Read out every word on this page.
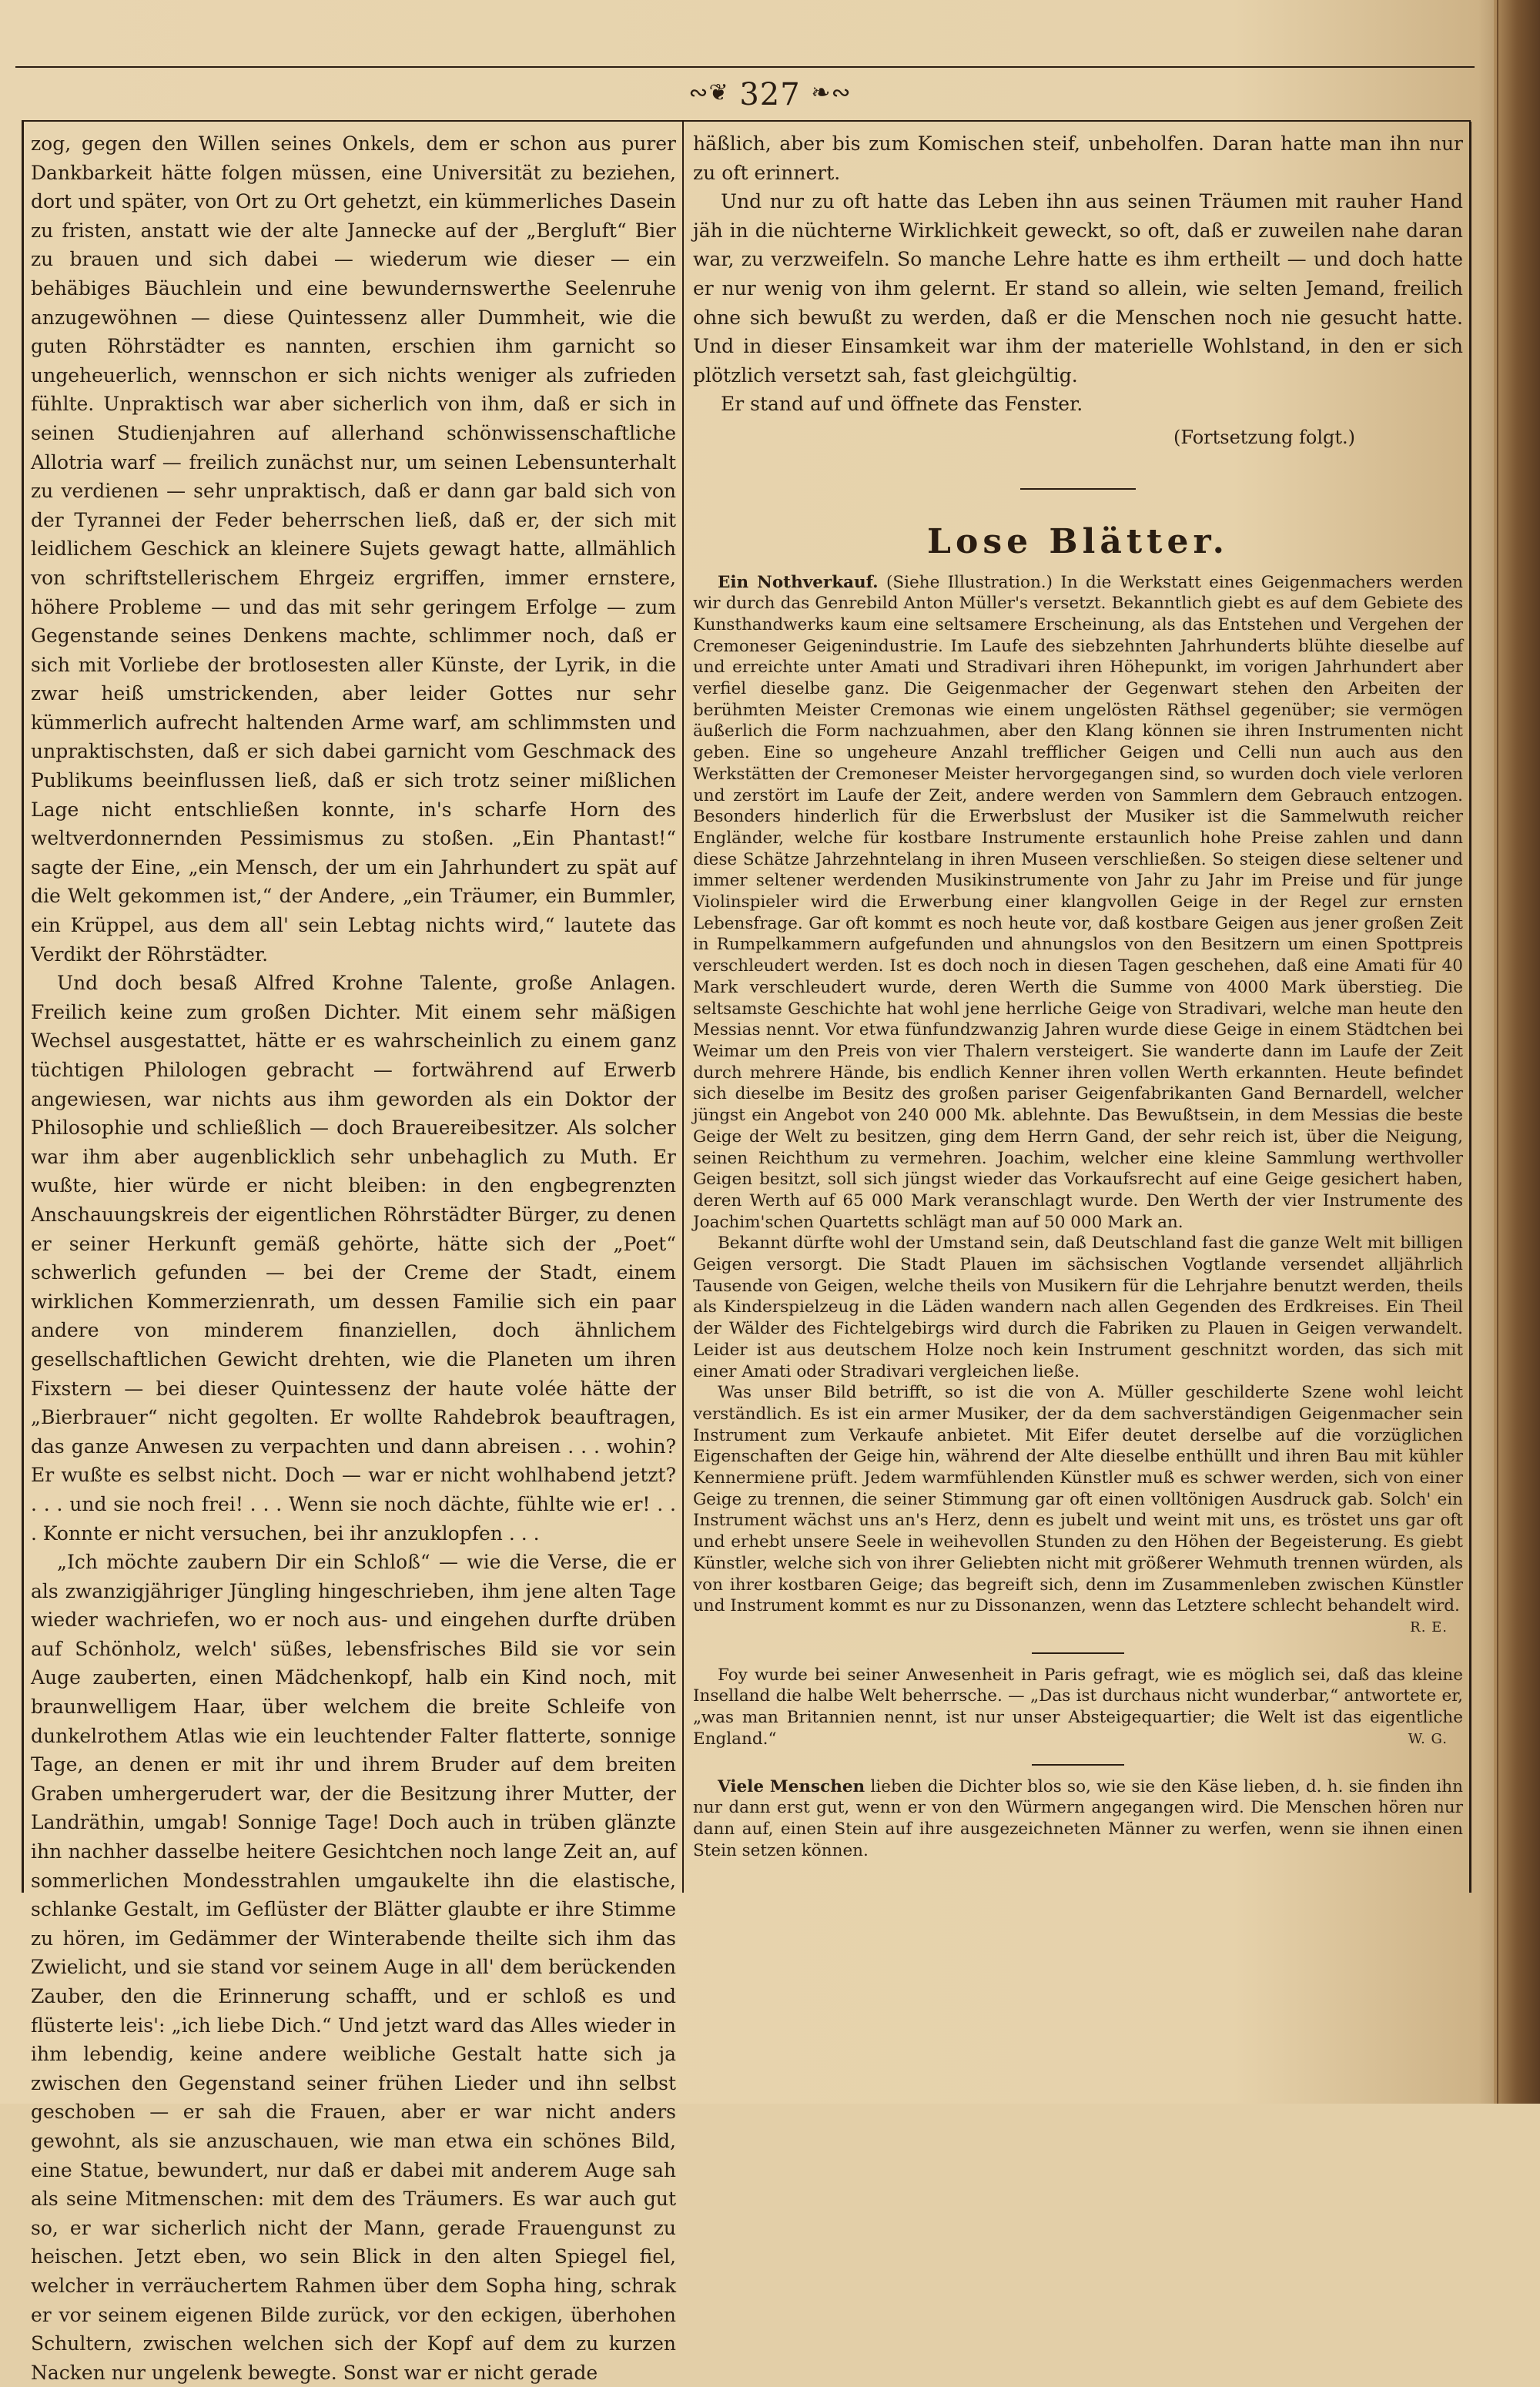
∾❦ 327 ❧∾

zog, gegen den Willen seines Onkels, dem er schon aus purer Dankbarkeit hätte folgen müssen, eine Universität zu beziehen, dort und später, von Ort zu Ort gehetzt, ein kümmerliches Dasein zu fristen, anstatt wie der alte Jannecke auf der „Bergluft“ Bier zu brauen und sich dabei — wiederum wie dieser — ein behäbiges Bäuchlein und eine bewundernswerthe Seelenruhe anzugewöhnen — diese Quintessenz aller Dummheit, wie die guten Röhrstädter es nannten, erschien ihm garnicht so ungeheuerlich, wennschon er sich nichts weniger als zufrieden fühlte. Unpraktisch war aber sicherlich von ihm, daß er sich in seinen Studienjahren auf allerhand schönwissenschaftliche Allotria warf — freilich zunächst nur, um seinen Lebensunterhalt zu verdienen — sehr unpraktisch, daß er dann gar bald sich von der Tyrannei der Feder beherrschen ließ, daß er, der sich mit leidlichem Geschick an kleinere Sujets gewagt hatte, allmählich von schriftstellerischem Ehrgeiz ergriffen, immer ernstere, höhere Probleme — und das mit sehr geringem Erfolge — zum Gegenstande seines Denkens machte, schlimmer noch, daß er sich mit Vorliebe der brotlosesten aller Künste, der Lyrik, in die zwar heiß umstrickenden, aber leider Gottes nur sehr kümmerlich aufrecht haltenden Arme warf, am schlimmsten und unpraktischsten, daß er sich dabei garnicht vom Geschmack des Publikums beeinflussen ließ, daß er sich trotz seiner mißlichen Lage nicht entschließen konnte, in's scharfe Horn des weltverdonnernden Pessimismus zu stoßen. „Ein Phantast!“ sagte der Eine, „ein Mensch, der um ein Jahrhundert zu spät auf die Welt gekommen ist,“ der Andere, „ein Träumer, ein Bummler, ein Krüppel, aus dem all' sein Lebtag nichts wird,“ lautete das Verdikt der Röhrstädter.

Und doch besaß Alfred Krohne Talente, große Anlagen. Freilich keine zum großen Dichter. Mit einem sehr mäßigen Wechsel ausgestattet, hätte er es wahrscheinlich zu einem ganz tüchtigen Philologen gebracht — fortwährend auf Erwerb angewiesen, war nichts aus ihm geworden als ein Doktor der Philosophie und schließlich — doch Brauereibesitzer. Als solcher war ihm aber augenblicklich sehr unbehaglich zu Muth. Er wußte, hier würde er nicht bleiben: in den engbegrenzten Anschauungskreis der eigentlichen Röhrstädter Bürger, zu denen er seiner Herkunft gemäß gehörte, hätte sich der „Poet“ schwerlich gefunden — bei der Creme der Stadt, einem wirklichen Kommerzienrath, um dessen Familie sich ein paar andere von minderem finanziellen, doch ähnlichem gesellschaftlichen Gewicht drehten, wie die Planeten um ihren Fixstern — bei dieser Quintessenz der haute volée hätte der „Bierbrauer“ nicht gegolten. Er wollte Rahdebrok beauftragen, das ganze Anwesen zu verpachten und dann abreisen . . . wohin? Er wußte es selbst nicht. Doch — war er nicht wohlhabend jetzt? . . . und sie noch frei! . . . Wenn sie noch dächte, fühlte wie er! . . . Konnte er nicht versuchen, bei ihr anzuklopfen . . .

„Ich möchte zaubern Dir ein Schloß“ — wie die Verse, die er als zwanzigjähriger Jüngling hingeschrieben, ihm jene alten Tage wieder wachriefen, wo er noch aus- und eingehen durfte drüben auf Schönholz, welch' süßes, lebensfrisches Bild sie vor sein Auge zauberten, einen Mädchenkopf, halb ein Kind noch, mit braunwelligem Haar, über welchem die breite Schleife von dunkelrothem Atlas wie ein leuchtender Falter flatterte, sonnige Tage, an denen er mit ihr und ihrem Bruder auf dem breiten Graben umhergerudert war, der die Besitzung ihrer Mutter, der Landräthin, umgab! Sonnige Tage! Doch auch in trüben glänzte ihn nachher dasselbe heitere Gesichtchen noch lange Zeit an, auf sommerlichen Mondesstrahlen umgaukelte ihn die elastische, schlanke Gestalt, im Geflüster der Blätter glaubte er ihre Stimme zu hören, im Gedämmer der Winterabende theilte sich ihm das Zwielicht, und sie stand vor seinem Auge in all' dem berückenden Zauber, den die Erinnerung schafft, und er schloß es und flüsterte leis': „ich liebe Dich.“ Und jetzt ward das Alles wieder in ihm lebendig, keine andere weibliche Gestalt hatte sich ja zwischen den Gegenstand seiner frühen Lieder und ihn selbst geschoben — er sah die Frauen, aber er war nicht anders gewohnt, als sie anzuschauen, wie man etwa ein schönes Bild, eine Statue, bewundert, nur daß er dabei mit anderem Auge sah als seine Mitmenschen: mit dem des Träumers. Es war auch gut so, er war sicherlich nicht der Mann, gerade Frauengunst zu heischen. Jetzt eben, wo sein Blick in den alten Spiegel fiel, welcher in verräuchertem Rahmen über dem Sopha hing, schrak er vor seinem eigenen Bilde zurück, vor den eckigen, überhohen Schultern, zwischen welchen sich der Kopf auf dem zu kurzen Nacken nur ungelenk bewegte. Sonst war er nicht gerade

häßlich, aber bis zum Komischen steif, unbeholfen. Daran hatte man ihn nur zu oft erinnert.

Und nur zu oft hatte das Leben ihn aus seinen Träumen mit rauher Hand jäh in die nüchterne Wirklichkeit geweckt, so oft, daß er zuweilen nahe daran war, zu verzweifeln. So manche Lehre hatte es ihm ertheilt — und doch hatte er nur wenig von ihm gelernt. Er stand so allein, wie selten Jemand, freilich ohne sich bewußt zu werden, daß er die Menschen noch nie gesucht hatte. Und in dieser Einsamkeit war ihm der materielle Wohlstand, in den er sich plötzlich versetzt sah, fast gleichgültig.

Er stand auf und öffnete das Fenster.

(Fortsetzung folgt.)
Lose Blätter.

Ein Nothverkauf. (Siehe Illustration.) In die Werkstatt eines Geigenmachers werden wir durch das Genrebild Anton Müller's versetzt. Bekanntlich giebt es auf dem Gebiete des Kunsthandwerks kaum eine seltsamere Erscheinung, als das Entstehen und Vergehen der Cremoneser Geigenindustrie. Im Laufe des siebzehnten Jahrhunderts blühte dieselbe auf und erreichte unter Amati und Stradivari ihren Höhepunkt, im vorigen Jahrhundert aber verfiel dieselbe ganz. Die Geigenmacher der Gegenwart stehen den Arbeiten der berühmten Meister Cremonas wie einem ungelösten Räthsel gegenüber; sie vermögen äußerlich die Form nachzuahmen, aber den Klang können sie ihren Instrumenten nicht geben. Eine so ungeheure Anzahl trefflicher Geigen und Celli nun auch aus den Werkstätten der Cremoneser Meister hervorgegangen sind, so wurden doch viele verloren und zerstört im Laufe der Zeit, andere werden von Sammlern dem Gebrauch entzogen. Besonders hinderlich für die Erwerbslust der Musiker ist die Sammelwuth reicher Engländer, welche für kostbare Instrumente erstaunlich hohe Preise zahlen und dann diese Schätze Jahrzehntelang in ihren Museen verschließen. So steigen diese seltener und immer seltener werdenden Musikinstrumente von Jahr zu Jahr im Preise und für junge Violinspieler wird die Erwerbung einer klangvollen Geige in der Regel zur ernsten Lebensfrage. Gar oft kommt es noch heute vor, daß kostbare Geigen aus jener großen Zeit in Rumpelkammern aufgefunden und ahnungslos von den Besitzern um einen Spottpreis verschleudert werden. Ist es doch noch in diesen Tagen geschehen, daß eine Amati für 40 Mark verschleudert wurde, deren Werth die Summe von 4000 Mark überstieg. Die seltsamste Geschichte hat wohl jene herrliche Geige von Stradivari, welche man heute den Messias nennt. Vor etwa fünfundzwanzig Jahren wurde diese Geige in einem Städtchen bei Weimar um den Preis von vier Thalern versteigert. Sie wanderte dann im Laufe der Zeit durch mehrere Hände, bis endlich Kenner ihren vollen Werth erkannten. Heute befindet sich dieselbe im Besitz des großen pariser Geigenfabrikanten Gand Bernardell, welcher jüngst ein Angebot von 240 000 Mk. ablehnte. Das Bewußtsein, in dem Messias die beste Geige der Welt zu besitzen, ging dem Herrn Gand, der sehr reich ist, über die Neigung, seinen Reichthum zu vermehren. Joachim, welcher eine kleine Sammlung werthvoller Geigen besitzt, soll sich jüngst wieder das Vorkaufsrecht auf eine Geige gesichert haben, deren Werth auf 65 000 Mark veranschlagt wurde. Den Werth der vier Instrumente des Joachim'schen Quartetts schlägt man auf 50 000 Mark an.

Bekannt dürfte wohl der Umstand sein, daß Deutschland fast die ganze Welt mit billigen Geigen versorgt. Die Stadt Plauen im sächsischen Vogtlande versendet alljährlich Tausende von Geigen, welche theils von Musikern für die Lehrjahre benutzt werden, theils als Kinderspielzeug in die Läden wandern nach allen Gegenden des Erdkreises. Ein Theil der Wälder des Fichtelgebirgs wird durch die Fabriken zu Plauen in Geigen verwandelt. Leider ist aus deutschem Holze noch kein Instrument geschnitzt worden, das sich mit einer Amati oder Stradivari vergleichen ließe.

Was unser Bild betrifft, so ist die von A. Müller geschilderte Szene wohl leicht verständlich. Es ist ein armer Musiker, der da dem sachverständigen Geigenmacher sein Instrument zum Verkaufe anbietet. Mit Eifer deutet derselbe auf die vorzüglichen Eigenschaften der Geige hin, während der Alte dieselbe enthüllt und ihren Bau mit kühler Kennermiene prüft. Jedem warmfühlenden Künstler muß es schwer werden, sich von einer Geige zu trennen, die seiner Stimmung gar oft einen volltönigen Ausdruck gab. Solch' ein Instrument wächst uns an's Herz, denn es jubelt und weint mit uns, es tröstet uns gar oft und erhebt unsere Seele in weihevollen Stunden zu den Höhen der Begeisterung. Es giebt Künstler, welche sich von ihrer Geliebten nicht mit größerer Wehmuth trennen würden, als von ihrer kostbaren Geige; das begreift sich, denn im Zusammenleben zwischen Künstler und Instrument kommt es nur zu Dissonanzen, wenn das Letztere schlecht behandelt wird.
R. E.

Foy wurde bei seiner Anwesenheit in Paris gefragt, wie es möglich sei, daß das kleine Inselland die halbe Welt beherrsche. — „Das ist durchaus nicht wunderbar,“ antwortete er, „was man Britannien nennt, ist nur unser Absteigequartier; die Welt ist das eigentliche England.“	W. G.

Viele Menschen lieben die Dichter blos so, wie sie den Käse lieben, d. h. sie finden ihn nur dann erst gut, wenn er von den Würmern angegangen wird. Die Menschen hören nur dann auf, einen Stein auf ihre ausgezeichneten Männer zu werfen, wenn sie ihnen einen Stein setzen können.
